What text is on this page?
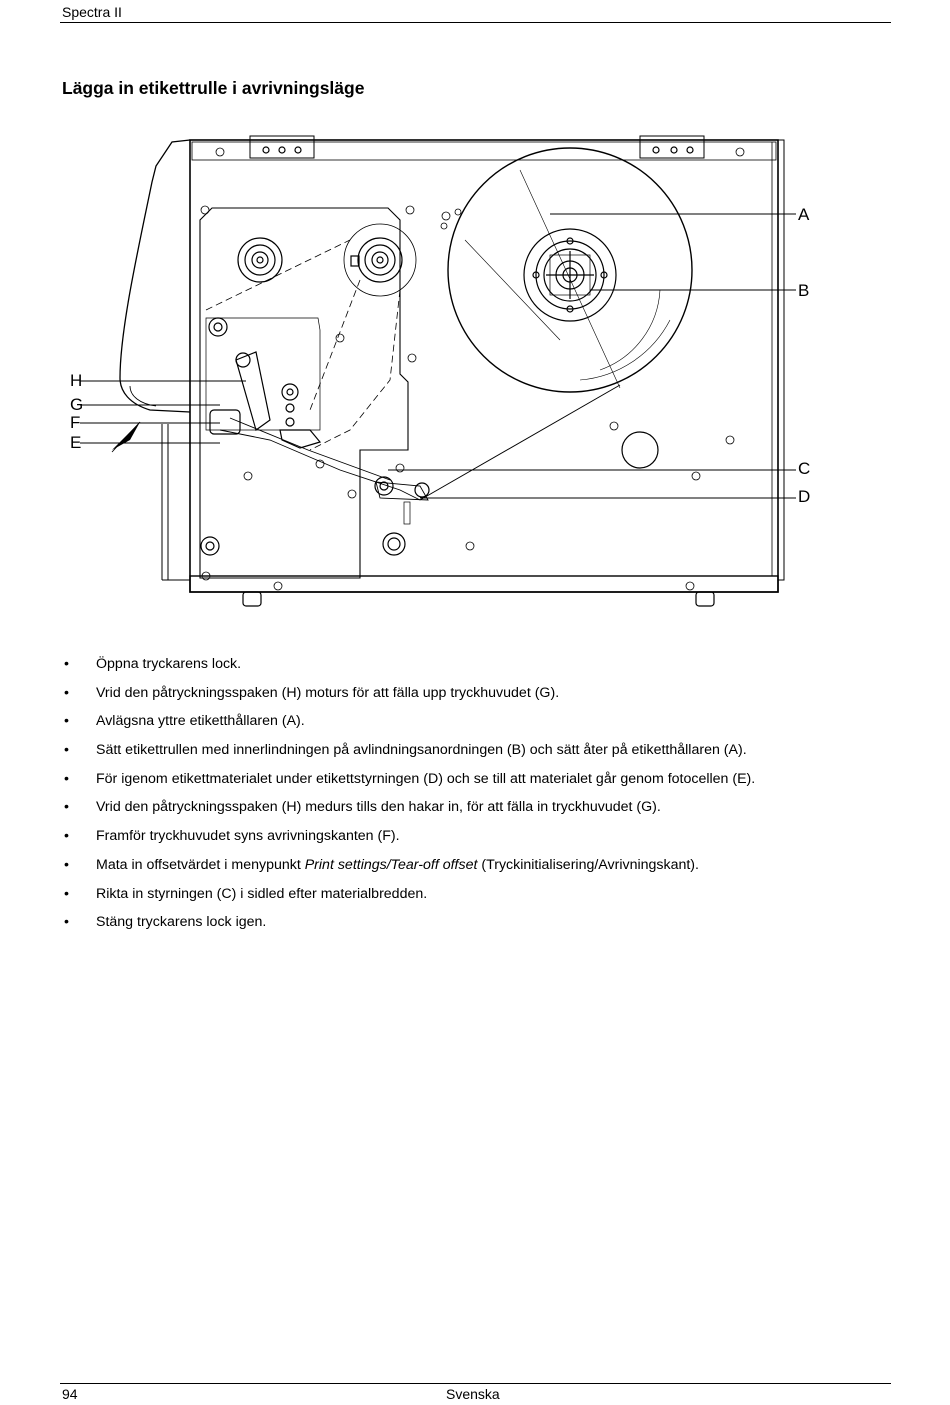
Spectra II
Lägga in etikettrulle i avrivningsläge
A
B
C
D
H
G
F
E
• Öppna tryckarens lock.
• Vrid den påtryckningsspaken (H) moturs för att fälla upp tryckhuvudet (G).
• Avlägsna yttre etiketthållaren (A).
• Sätt etikettrullen med innerlindningen på avlindningsanordningen (B) och sätt åter på etiketthållaren (A).
• För igenom etikettmaterialet under etikettstyrningen (D) och se till att materialet går genom fotocellen (E).
• Vrid den påtryckningsspaken (H) medurs tills den hakar in, för att fälla in tryckhuvudet (G).
• Framför tryckhuvudet syns avrivningskanten (F).
• Mata in offsetvärdet i menypunkt Print settings/Tear-off offset (Tryckinitialisering/Avrivningskant).
• Rikta in styrningen (C) i sidled efter materialbredden.
• Stäng tryckarens lock igen.
94	Svenska
